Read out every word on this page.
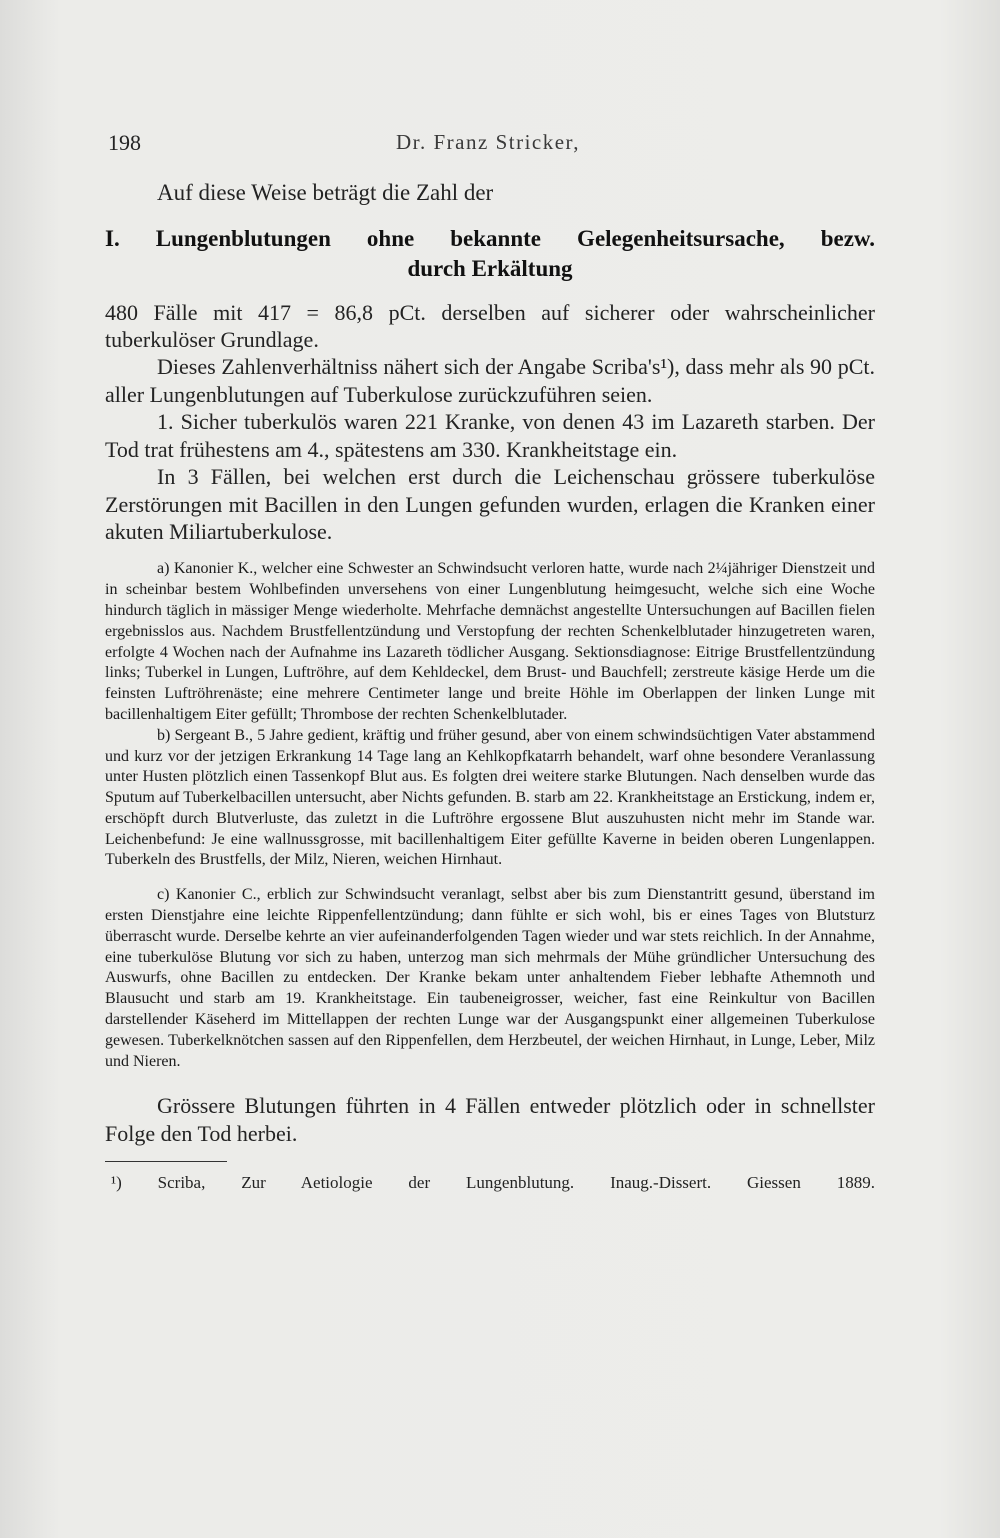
198	Dr. Franz Stricker,

Auf diese Weise beträgt die Zahl der

I. Lungenblutungen ohne bekannte Gelegenheitsursache, bezw.
durch Erkältung

480 Fälle mit 417 = 86,8 pCt. derselben auf sicherer oder wahrscheinlicher tuberkulöser Grundlage.

Dieses Zahlenverhältniss nähert sich der Angabe Scriba's¹), dass mehr als 90 pCt. aller Lungenblutungen auf Tuberkulose zurückzuführen seien.

1. Sicher tuberkulös waren 221 Kranke, von denen 43 im Lazareth starben. Der Tod trat frühestens am 4., spätestens am 330. Krankheitstage ein.

In 3 Fällen, bei welchen erst durch die Leichenschau grössere tuberkulöse Zerstörungen mit Bacillen in den Lungen gefunden wurden, erlagen die Kranken einer akuten Miliartuberkulose.

a) Kanonier K., welcher eine Schwester an Schwindsucht verloren hatte, wurde nach 2¼jähriger Dienstzeit und in scheinbar bestem Wohlbefinden unversehens von einer Lungenblutung heimgesucht, welche sich eine Woche hindurch täglich in mässiger Menge wiederholte. Mehrfache demnächst angestellte Untersuchungen auf Bacillen fielen ergebnisslos aus. Nachdem Brustfellentzündung und Verstopfung der rechten Schenkelblutader hinzugetreten waren, erfolgte 4 Wochen nach der Aufnahme ins Lazareth tödlicher Ausgang. Sektionsdiagnose: Eitrige Brustfellentzündung links; Tuberkel in Lungen, Luftröhre, auf dem Kehldeckel, dem Brust- und Bauchfell; zerstreute käsige Herde um die feinsten Luftröhrenäste; eine mehrere Centimeter lange und breite Höhle im Oberlappen der linken Lunge mit bacillenhaltigem Eiter gefüllt; Thrombose der rechten Schenkelblutader.

b) Sergeant B., 5 Jahre gedient, kräftig und früher gesund, aber von einem schwindsüchtigen Vater abstammend und kurz vor der jetzigen Erkrankung 14 Tage lang an Kehlkopfkatarrh behandelt, warf ohne besondere Veranlassung unter Husten plötzlich einen Tassenkopf Blut aus. Es folgten drei weitere starke Blutungen. Nach denselben wurde das Sputum auf Tuberkelbacillen untersucht, aber Nichts gefunden. B. starb am 22. Krankheitstage an Erstickung, indem er, erschöpft durch Blutverluste, das zuletzt in die Luftröhre ergossene Blut auszuhusten nicht mehr im Stande war. Leichenbefund: Je eine wallnussgrosse, mit bacillenhaltigem Eiter gefüllte Kaverne in beiden oberen Lungenlappen. Tuberkeln des Brustfells, der Milz, Nieren, weichen Hirnhaut.

c) Kanonier C., erblich zur Schwindsucht veranlagt, selbst aber bis zum Dienstantritt gesund, überstand im ersten Dienstjahre eine leichte Rippenfellentzündung; dann fühlte er sich wohl, bis er eines Tages von Blutsturz überrascht wurde. Derselbe kehrte an vier aufeinanderfolgenden Tagen wieder und war stets reichlich. In der Annahme, eine tuberkulöse Blutung vor sich zu haben, unterzog man sich mehrmals der Mühe gründlicher Untersuchung des Auswurfs, ohne Bacillen zu entdecken. Der Kranke bekam unter anhaltendem Fieber lebhafte Athemnoth und Blausucht und starb am 19. Krankheitstage. Ein taubeneigrosser, weicher, fast eine Reinkultur von Bacillen darstellender Käseherd im Mittellappen der rechten Lunge war der Ausgangspunkt einer allgemeinen Tuberkulose gewesen. Tuberkelknötchen sassen auf den Rippenfellen, dem Herzbeutel, der weichen Hirnhaut, in Lunge, Leber, Milz und Nieren.

Grössere Blutungen führten in 4 Fällen entweder plötzlich oder in schnellster Folge den Tod herbei.

¹) Scriba, Zur Aetiologie der Lungenblutung. Inaug.-Dissert. Giessen 1889.
